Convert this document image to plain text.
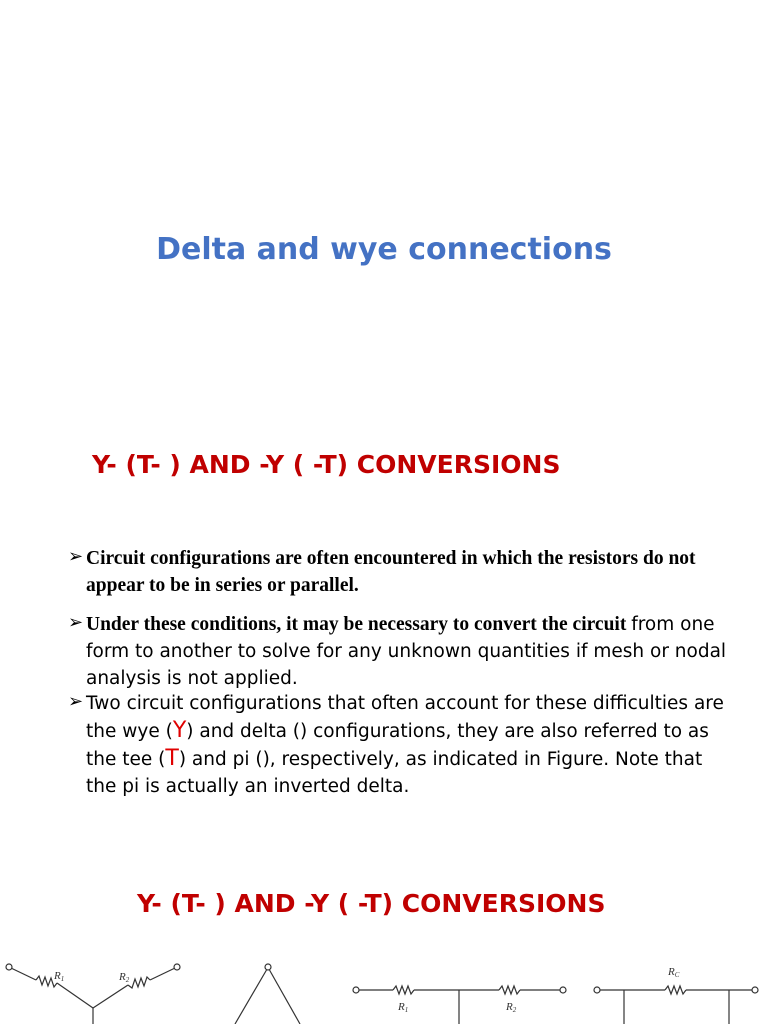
Delta and wye connections
Y- (T- ) AND -Y ( -T) CONVERSIONS

➢ Circuit configurations are often encountered in which the resistors do not appear to be in series or parallel.

➢ Under these conditions, it may be necessary to convert the circuit from one form to another to solve for any unknown quantities if mesh or nodal analysis is not applied.

➢ Two circuit configurations that often account for these difficulties are the wye (Y) and delta () configurations, they are also referred to as the tee (T) and pi (), respectively, as indicated in Figure. Note that the pi is actually an inverted delta.

Y- (T- ) AND -Y ( -T) CONVERSIONS
R1	R2
R1	R2
RC
